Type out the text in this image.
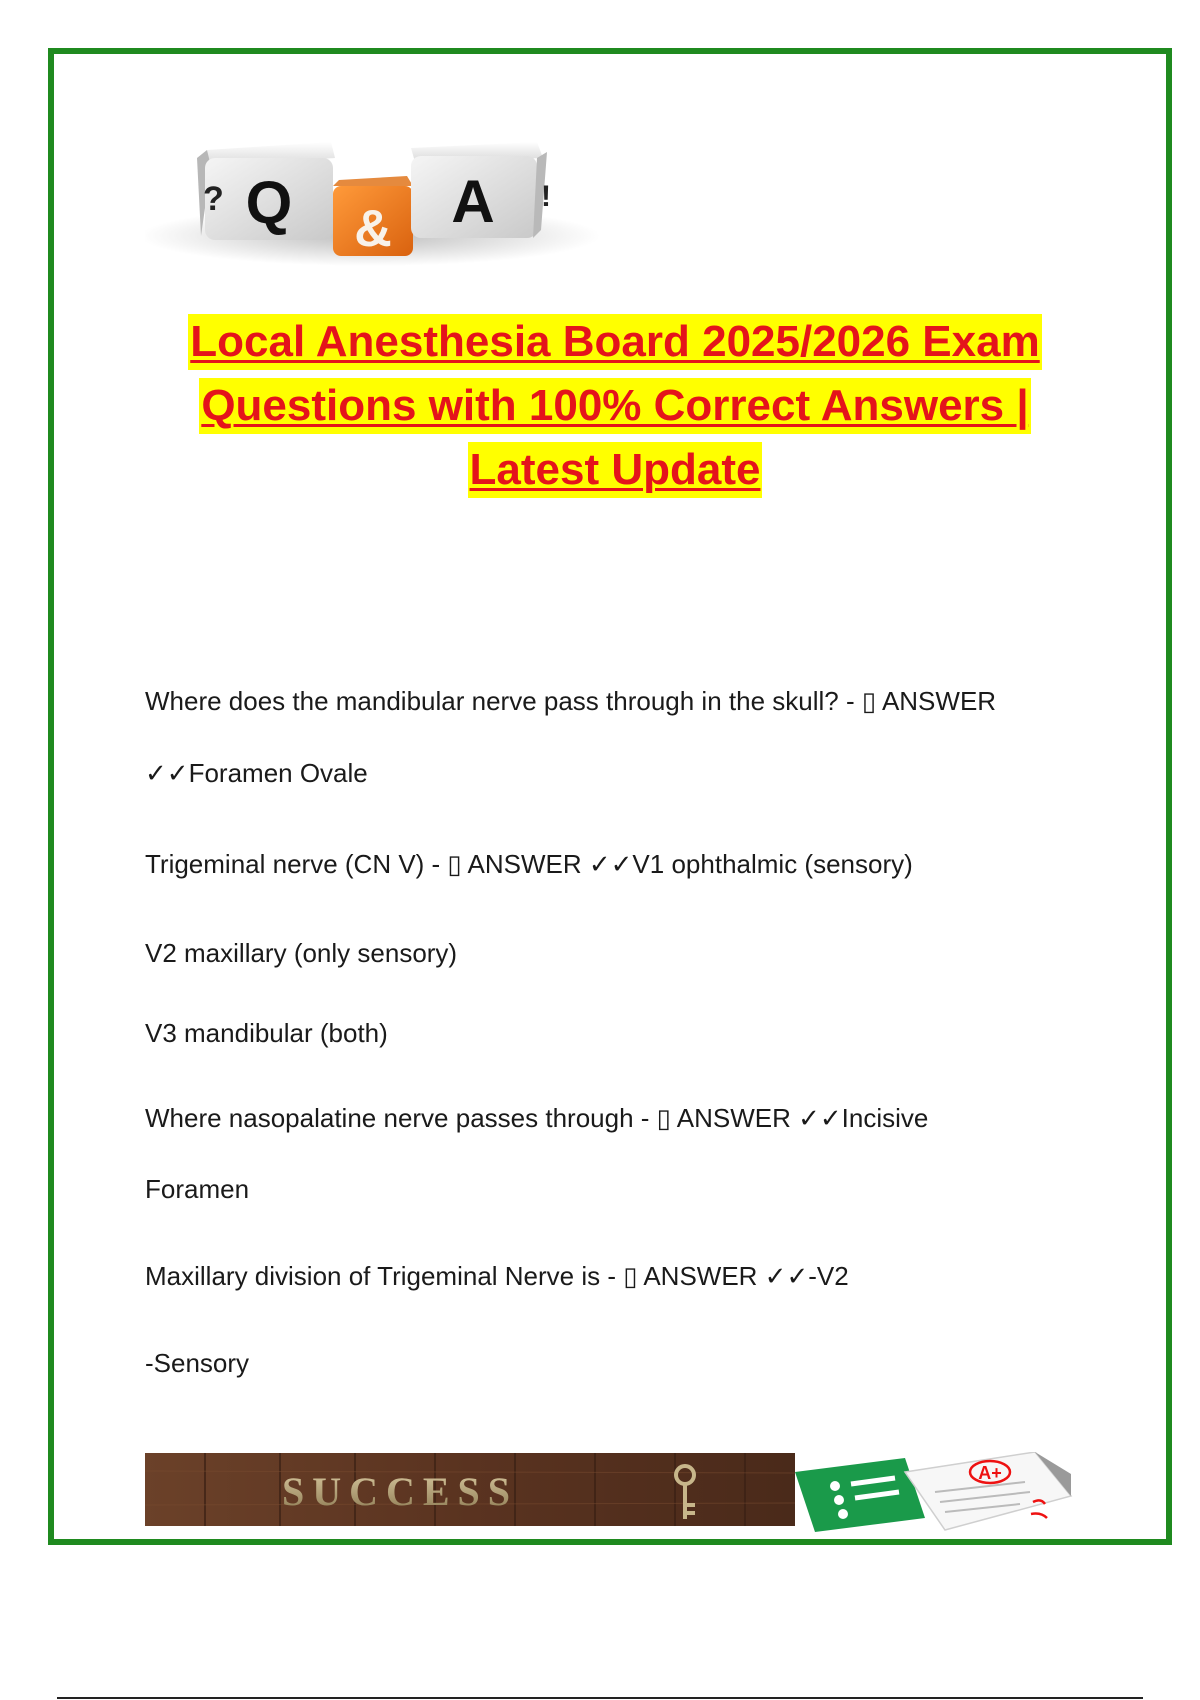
Q
?
& A !
Local Anesthesia Board 2025/2026 Exam
Questions with 100% Correct Answers |
Latest Update
Where does the mandibular nerve pass through in the skull? - ▯ ANSWER
✓✓Foramen Ovale
Trigeminal nerve (CN V) - ▯ ANSWER ✓✓V1 ophthalmic (sensory)
V2 maxillary (only sensory)
V3 mandibular (both)
Where nasopalatine nerve passes through - ▯ ANSWER ✓✓Incisive
Foramen
Maxillary division of Trigeminal Nerve is - ▯ ANSWER ✓✓-V2
-Sensory
SUCCESS	A+
